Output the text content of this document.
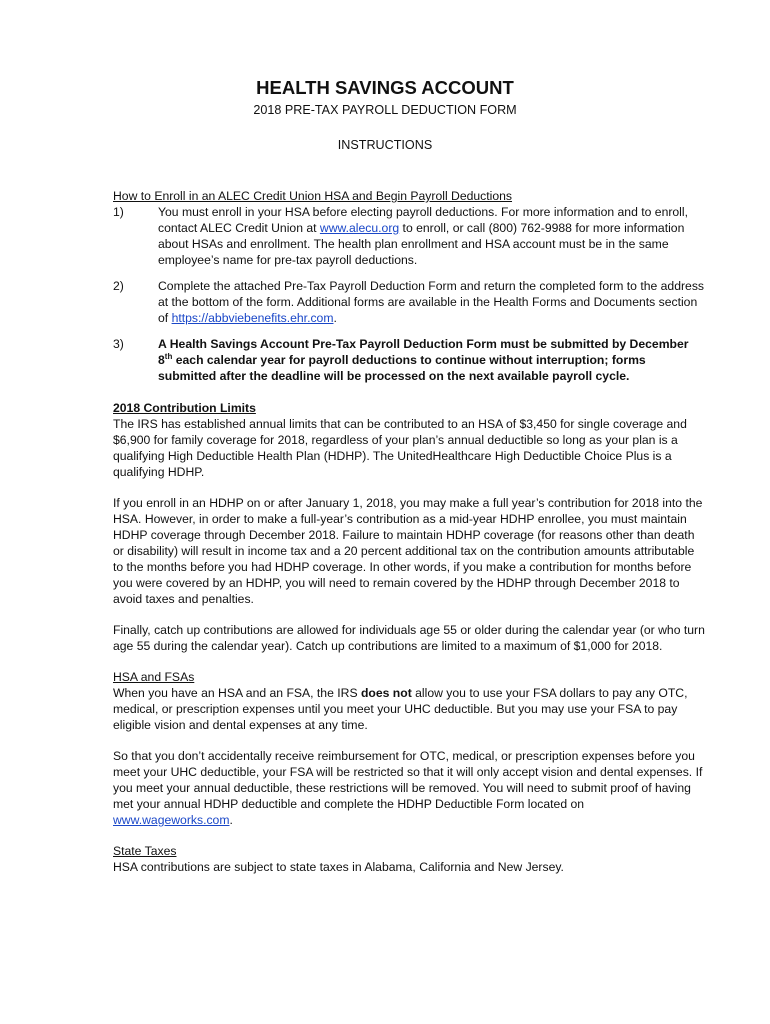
HEALTH SAVINGS ACCOUNT
2018 PRE-TAX PAYROLL DEDUCTION FORM
INSTRUCTIONS
How to Enroll in an ALEC Credit Union HSA and Begin Payroll Deductions
1)	You must enroll in your HSA before electing payroll deductions. For more information and to enroll, contact ALEC Credit Union at www.alecu.org to enroll, or call (800) 762-9988 for more information about HSAs and enrollment. The health plan enrollment and HSA account must be in the same employee’s name for pre-tax payroll deductions.
2)	Complete the attached Pre-Tax Payroll Deduction Form and return the completed form to the address at the bottom of the form. Additional forms are available in the Health Forms and Documents section of https://abbviebenefits.ehr.com.
3)	A Health Savings Account Pre-Tax Payroll Deduction Form must be submitted by December 8th each calendar year for payroll deductions to continue without interruption; forms submitted after the deadline will be processed on the next available payroll cycle.
2018 Contribution Limits

The IRS has established annual limits that can be contributed to an HSA of $3,450 for single coverage and $6,900 for family coverage for 2018, regardless of your plan’s annual deductible so long as your plan is a qualifying High Deductible Health Plan (HDHP). The UnitedHealthcare High Deductible Choice Plus is a qualifying HDHP.

If you enroll in an HDHP on or after January 1, 2018, you may make a full year’s contribution for 2018 into the HSA. However, in order to make a full-year’s contribution as a mid-year HDHP enrollee, you must maintain HDHP coverage through December 2018. Failure to maintain HDHP coverage (for reasons other than death or disability) will result in income tax and a 20 percent additional tax on the contribution amounts attributable to the months before you had HDHP coverage. In other words, if you make a contribution for months before you were covered by an HDHP, you will need to remain covered by the HDHP through December 2018 to avoid taxes and penalties.

Finally, catch up contributions are allowed for individuals age 55 or older during the calendar year (or who turn age 55 during the calendar year). Catch up contributions are limited to a maximum of $1,000 for 2018.

HSA and FSAs

When you have an HSA and an FSA, the IRS does not allow you to use your FSA dollars to pay any OTC, medical, or prescription expenses until you meet your UHC deductible. But you may use your FSA to pay eligible vision and dental expenses at any time.

So that you don’t accidentally receive reimbursement for OTC, medical, or prescription expenses before you meet your UHC deductible, your FSA will be restricted so that it will only accept vision and dental expenses. If you meet your annual deductible, these restrictions will be removed. You will need to submit proof of having met your annual HDHP deductible and complete the HDHP Deductible Form located on www.wageworks.com.

State Taxes

HSA contributions are subject to state taxes in Alabama, California and New Jersey.
